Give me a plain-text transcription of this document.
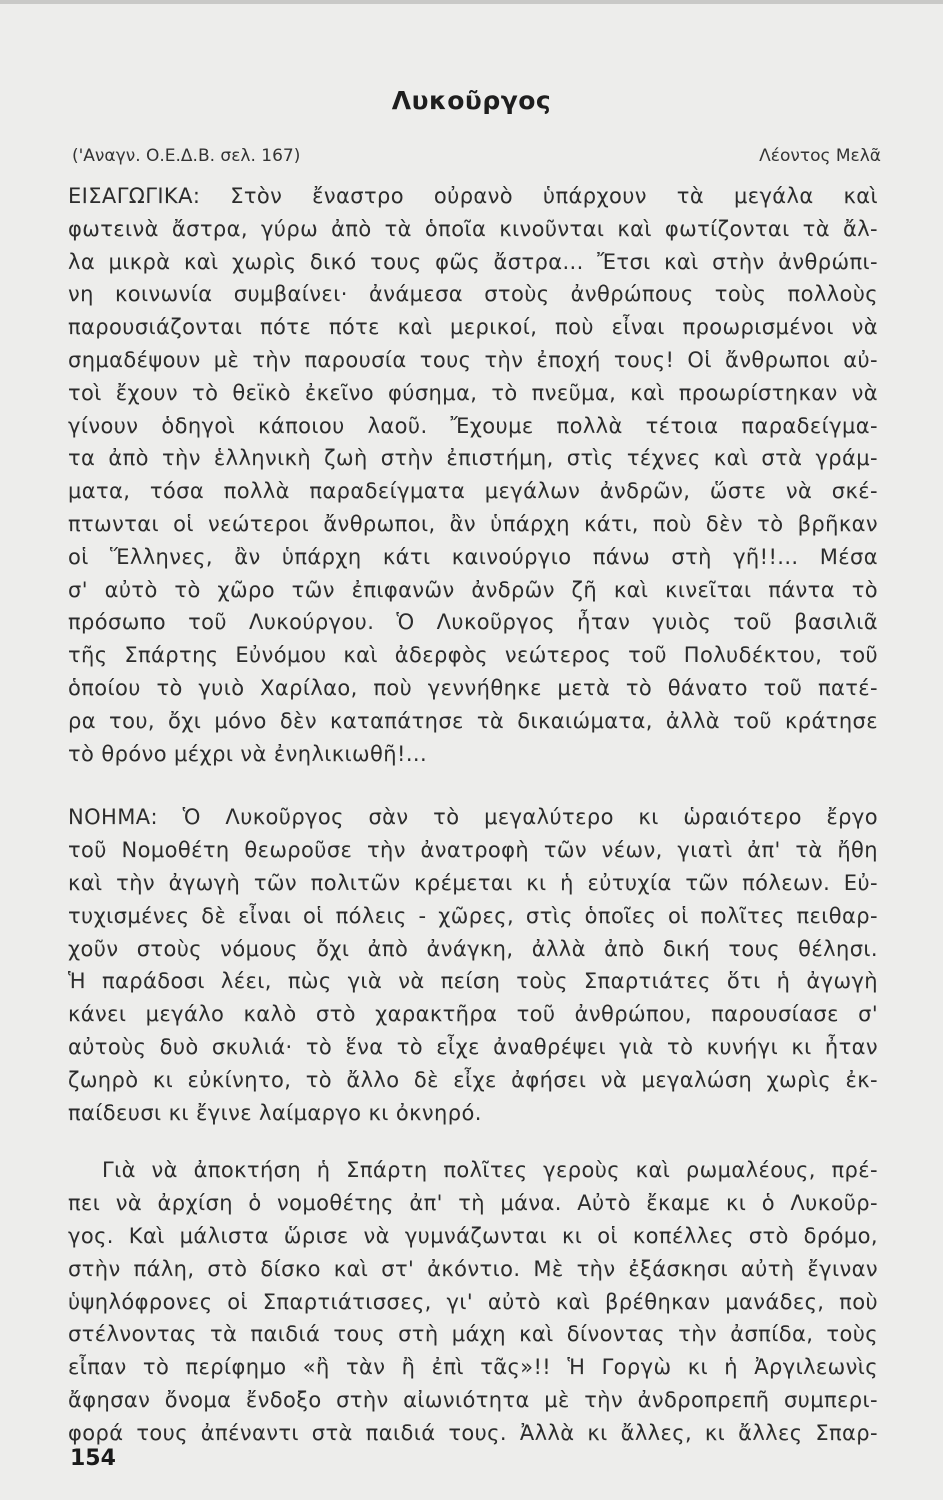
Λυκοῦργος
('Αναγν. Ο.Ε.Δ.Β. σελ. 167)	Λέοντος Μελᾶ
ΕΙΣΑΓΩΓΙΚΑ: Στὸν ἔναστρο οὐρανὸ ὑπάρχουν τὰ μεγάλα καὶ
φωτεινὰ ἄστρα, γύρω ἀπὸ τὰ ὁποῖα κινοῦνται καὶ φωτίζονται τὰ ἄλ-
λα μικρὰ καὶ χωρὶς δικό τους φῶς ἄστρα... Ἔτσι καὶ στὴν ἀνθρώπι-
νη κοινωνία συμβαίνει· ἀνάμεσα στοὺς ἀνθρώπους τοὺς πολλοὺς
παρουσιάζονται πότε πότε καὶ μερικοί, ποὺ εἶναι προωρισμένοι νὰ
σημαδέψουν μὲ τὴν παρουσία τους τὴν ἐποχή τους! Οἱ ἄνθρωποι αὐ-
τοὶ ἔχουν τὸ θεϊκὸ ἐκεῖνο φύσημα, τὸ πνεῦμα, καὶ προωρίστηκαν νὰ
γίνουν ὁδηγοὶ κάποιου λαοῦ. Ἔχουμε πολλὰ τέτοια παραδείγμα-
τα ἀπὸ τὴν ἑλληνικὴ ζωὴ στὴν ἐπιστήμη, στὶς τέχνες καὶ στὰ γράμ-
ματα, τόσα πολλὰ παραδείγματα μεγάλων ἀνδρῶν, ὥστε νὰ σκέ-
πτωνται οἱ νεώτεροι ἄνθρωποι, ἂν ὑπάρχη κάτι, ποὺ δὲν τὸ βρῆκαν
οἱ Ἕλληνες, ἂν ὑπάρχη κάτι καινούργιο πάνω στὴ γῆ!!... Μέσα
σ' αὐτὸ τὸ χῶρο τῶν ἐπιφανῶν ἀνδρῶν ζῆ καὶ κινεῖται πάντα τὸ
πρόσωπο τοῦ Λυκούργου. Ὁ Λυκοῦργος ἦταν γυιὸς τοῦ βασιλιᾶ
τῆς Σπάρτης Εὐνόμου καὶ ἀδερφὸς νεώτερος τοῦ Πολυδέκτου, τοῦ
ὁποίου τὸ γυιὸ Χαρίλαο, ποὺ γεννήθηκε μετὰ τὸ θάνατο τοῦ πατέ-
ρα του, ὄχι μόνο δὲν καταπάτησε τὰ δικαιώματα, ἀλλὰ τοῦ κράτησε
τὸ θρόνο μέχρι νὰ ἐνηλικιωθῆ!...
ΝΟΗΜΑ: Ὁ Λυκοῦργος σὰν τὸ μεγαλύτερο κι ὡραιότερο ἔργο
τοῦ Νομοθέτη θεωροῦσε τὴν ἀνατροφὴ τῶν νέων, γιατὶ ἀπ' τὰ ἤθη
καὶ τὴν ἀγωγὴ τῶν πολιτῶν κρέμεται κι ἡ εὐτυχία τῶν πόλεων. Εὐ-
τυχισμένες δὲ εἶναι οἱ πόλεις - χῶρες, στὶς ὁποῖες οἱ πολῖτες πειθαρ-
χοῦν στοὺς νόμους ὄχι ἀπὸ ἀνάγκη, ἀλλὰ ἀπὸ δική τους θέλησι.
Ἡ παράδοσι λέει, πὼς γιὰ νὰ πείση τοὺς Σπαρτιάτες ὅτι ἡ ἀγωγὴ
κάνει μεγάλο καλὸ στὸ χαρακτῆρα τοῦ ἀνθρώπου, παρουσίασε σ'
αὐτοὺς δυὸ σκυλιά· τὸ ἕνα τὸ εἶχε ἀναθρέψει γιὰ τὸ κυνήγι κι ἦταν
ζωηρὸ κι εὐκίνητο, τὸ ἄλλο δὲ εἶχε ἀφήσει νὰ μεγαλώση χωρὶς ἐκ-
παίδευσι κι ἔγινε λαίμαργο κι ὀκνηρό.
Γιὰ νὰ ἀποκτήση ἡ Σπάρτη πολῖτες γεροὺς καὶ ρωμαλέους, πρέ-
πει νὰ ἀρχίση ὁ νομοθέτης ἀπ' τὴ μάνα. Αὐτὸ ἔκαμε κι ὁ Λυκοῦρ-
γος. Καὶ μάλιστα ὥρισε νὰ γυμνάζωνται κι οἱ κοπέλλες στὸ δρόμο,
στὴν πάλη, στὸ δίσκο καὶ στ' ἀκόντιο. Μὲ τὴν ἐξάσκησι αὐτὴ ἔγιναν
ὑψηλόφρονες οἱ Σπαρτιάτισσες, γι' αὐτὸ καὶ βρέθηκαν μανάδες, ποὺ
στέλνοντας τὰ παιδιά τους στὴ μάχη καὶ δίνοντας τὴν ἀσπίδα, τοὺς
εἶπαν τὸ περίφημο «ἢ τὰν ἢ ἐπὶ τᾶς»!! Ἡ Γοργὼ κι ἡ Ἀργιλεωνὶς
ἄφησαν ὄνομα ἔνδοξο στὴν αἰωνιότητα μὲ τὴν ἀνδροπρεπῆ συμπερι-
φορά τους ἀπέναντι στὰ παιδιά τους. Ἀλλὰ κι ἄλλες, κι ἄλλες Σπαρ-
154
